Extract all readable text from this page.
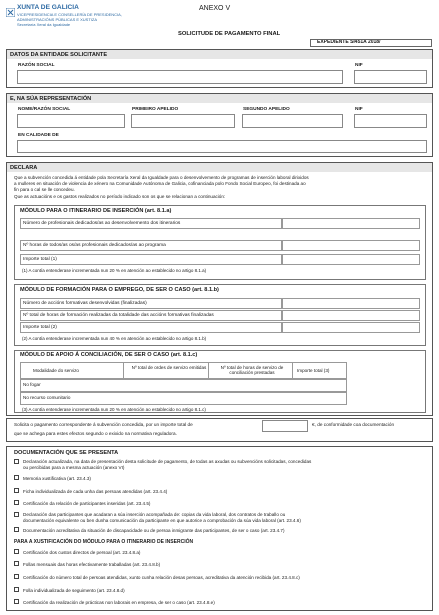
XUNTA DE GALICIA
VICEPRESIDENCIA E CONSELLERÍA DE PRESIDENCIA,
ADMINISTRACIÓNS PÚBLICAS E XUSTIZA
Secretaría Xeral da Igualdade
ANEXO V
SOLICITUDE DE PAGAMENTO FINAL
EXPEDIENTE SI451A 2018/
DATOS DA ENTIDADE SOLICITANTE
RAZÓN SOCIAL	NIF
E, NA SÚA REPRESENTACIÓN
NOME/RAZÓN SOCIAL	PRIMEIRO APELIDO	SEGUNDO APELIDO	NIF
EN CALIDADE DE
DECLARA
Que a subvención concedida á entidade pola Secretaría Xeral da Igualdade para o desenvolvemento de programas de inserción laboral dirixidos
a mulleres en situación de violencia de xénero na Comunidade Autónoma de Galicia, cofinanciada polo Fondo Social Europeo, foi destinada ao
fin para o cal se lle concedeu.
Que as actuacións e os gastos realizados no período indicado son os que se relacionan a continuación:
MÓDULO PARA O ITINERARIO DE INSERCIÓN (art. 8.1.a)
Número de profesionais dedicados/as ao desenvolvemento dos itinerarios
Nº horas de todos/as os/as profesionais dedicados/as ao programa
Importe total (1)
(1) A contía entenderase incrementada nun 20 % en atención ao establecido no artigo 8.1.a)
MÓDULO DE FORMACIÓN PARA O EMPREGO, DE SER O CASO (art. 8.1.b)
Número de accións formativas desenvolvidas (finalizadas)
Nº total de horas de formación realizadas da totalidade das accións formativas finalizadas
Importe total (2)
(2) A contía entenderase incrementada nun 40 % en atención ao establecido no artigo 8.1.b)
MÓDULO DE APOIO Á CONCILIACIÓN, DE SER O CASO (art. 8.1.c)
Modalidade do servizo
Nº total de ordes de servizo emitidas	Nº total de horas de servizo de conciliación prestadas	Importe total (3)
No fogar
No recurso comunitario
(3) A contía entenderase incrementada nun 20 % en atención ao establecido no artigo 8.1.c)
Solicita o pagamento correspondente á subvención concedida, por un importe total de	€, de conformidade coa documentación
que se achega para estes efectos segundo o exixido na normativa reguladora.
DOCUMENTACIÓN QUE SE PRESENTA
Declaración actualizada, na data de presentación desta solicitude de pagamento, de todas as axudas ou subvencións solicitadas, concedidas
ou percibidas para a mesma actuación (anexo VI)
Memoria xustificativa (art. 23.4.3)
Ficha individualizada de cada unha das persoas atendidas (art. 23.4.4)
Certificación da relación de participantes inseridas (art. 23.4.5)
Declaración das participantes que acadaran a súa inserción acompañada de: copias da vida laboral, dos contratos de traballo ou
documentación equivalente ou ben dunha comunicación da participante en que autorice a comprobación da súa vida laboral (art. 23.4.6)
Documentación acreditativa da situación de discapacidade ou de persoa inmigrante das participantes, de ser o caso (art. 23.4.7)
PARA A XUSTIFICACIÓN DO MÓDULO PARA O ITINERARIO DE INSERCIÓN
Certificación dos custos directos de persoal (art. 23.4.8.a)
Follas mensuais das horas efectivamente traballadas (art. 23.4.8.b)
Certificación do número total de persoas atendidas, xunto cunha relación desas persoas, acreditativa da atención recibida (art. 23.4.8.c)
Folla individualizada de seguimento (art. 23.4.8.d)
Certificación da realización de prácticas non laborais en empresa, de ser o caso (art. 23.4.8.e)
